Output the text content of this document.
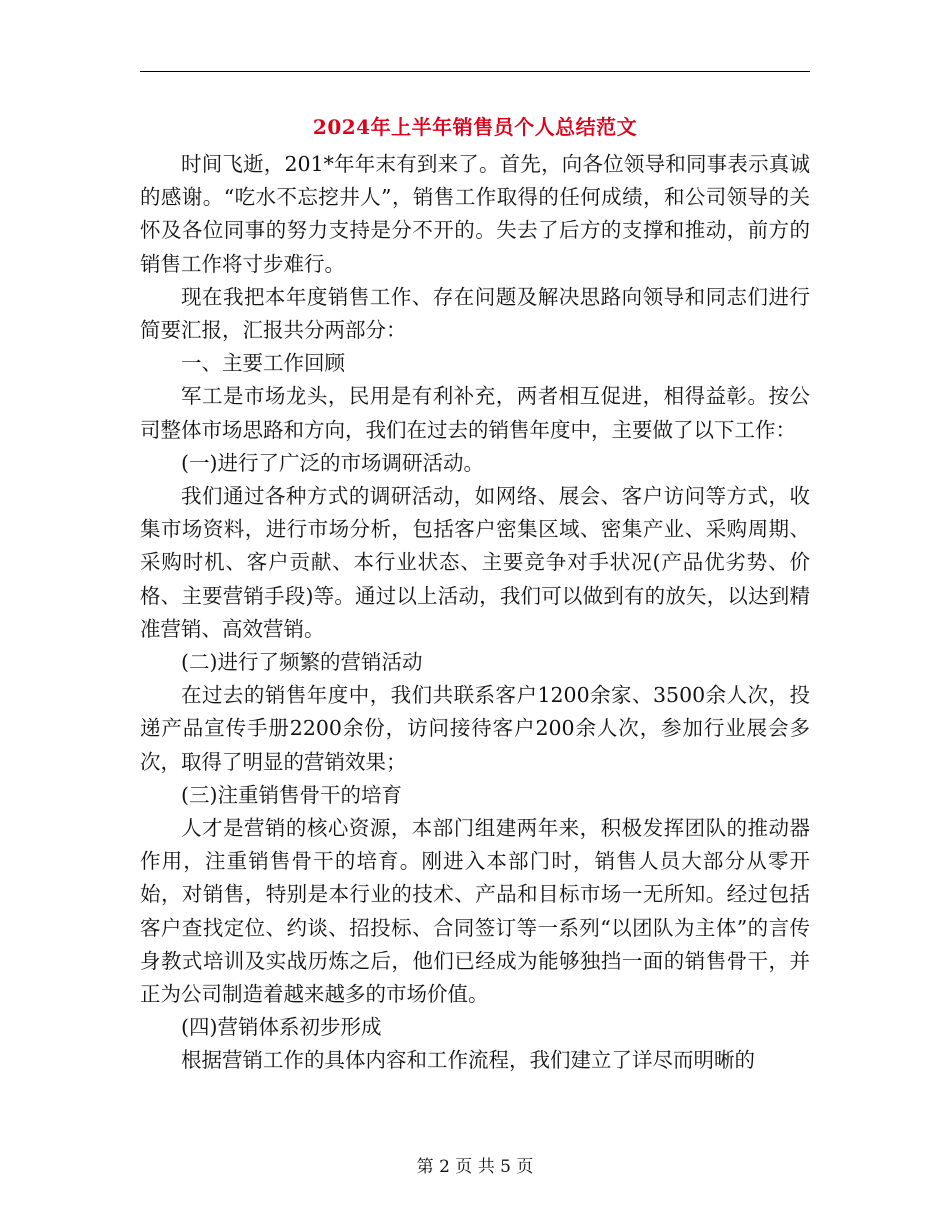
2024年上半年销售员个人总结范文

时间飞逝，201*年年末有到来了。首先，向各位领导和同事表示真诚的感谢。“吃水不忘挖井人”，销售工作取得的任何成绩，和公司领导的关怀及各位同事的努力支持是分不开的。失去了后方的支撑和推动，前方的销售工作将寸步难行。

现在我把本年度销售工作、存在问题及解决思路向领导和同志们进行简要汇报，汇报共分两部分：

一、主要工作回顾

军工是市场龙头，民用是有利补充，两者相互促进，相得益彰。按公司整体市场思路和方向，我们在过去的销售年度中，主要做了以下工作：

(一)进行了广泛的市场调研活动。

我们通过各种方式的调研活动，如网络、展会、客户访问等方式，收集市场资料，进行市场分析，包括客户密集区域、密集产业、采购周期、采购时机、客户贡献、本行业状态、主要竞争对手状况(产品优劣势、价格、主要营销手段)等。通过以上活动，我们可以做到有的放矢，以达到精准营销、高效营销。

(二)进行了频繁的营销活动

在过去的销售年度中，我们共联系客户1200余家、3500余人次，投递产品宣传手册2200余份，访问接待客户200余人次，参加行业展会多次，取得了明显的营销效果；

(三)注重销售骨干的培育

人才是营销的核心资源，本部门组建两年来，积极发挥团队的推动器作用，注重销售骨干的培育。刚进入本部门时，销售人员大部分从零开始，对销售，特别是本行业的技术、产品和目标市场一无所知。经过包括客户查找定位、约谈、招投标、合同签订等一系列“以团队为主体”的言传身教式培训及实战历炼之后，他们已经成为能够独挡一面的销售骨干，并正为公司制造着越来越多的市场价值。

(四)营销体系初步形成

根据营销工作的具体内容和工作流程，我们建立了详尽而明晰的

第 2 页 共 5 页
